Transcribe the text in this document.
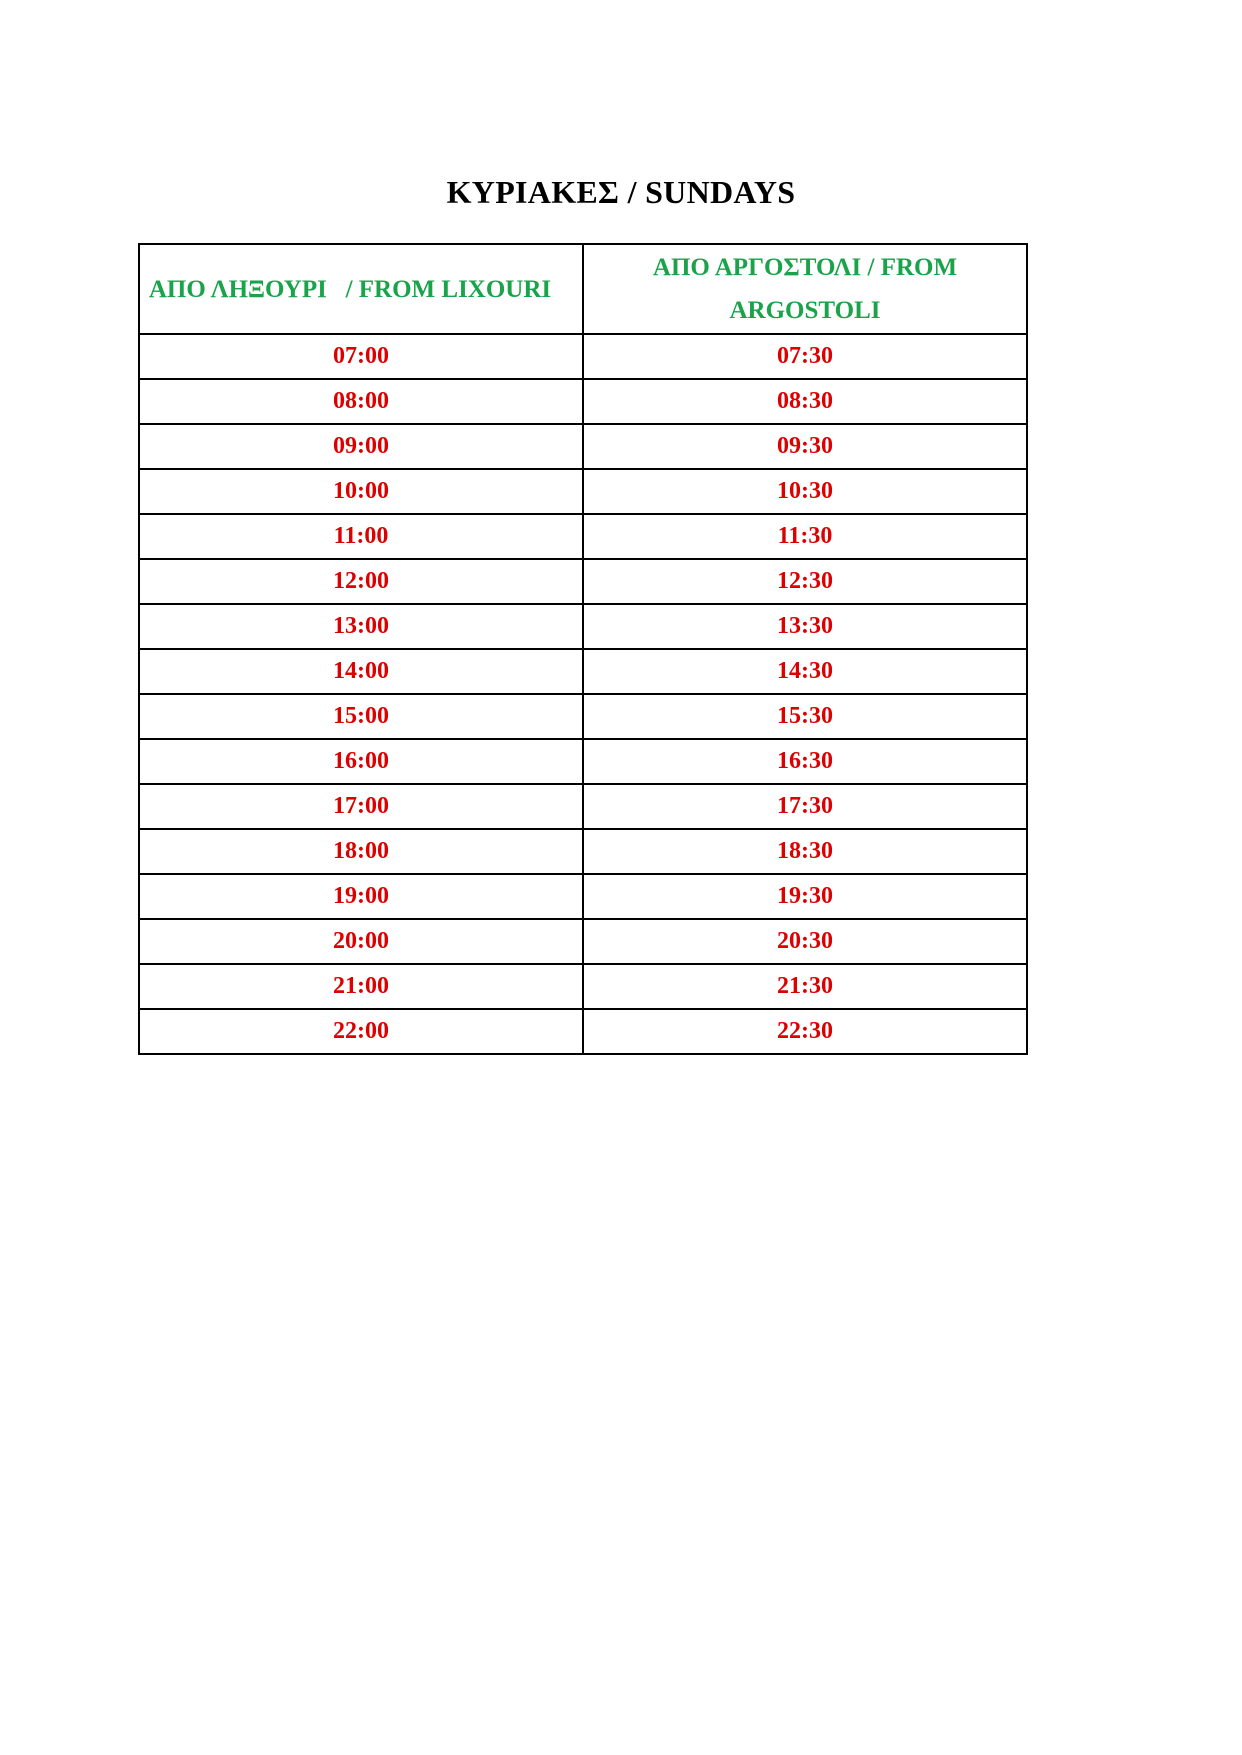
ΚΥΡΙΑΚΕΣ / SUNDAYS
ΑΠΟ ΛΗΞΟΥΡΙ   / FROM LIXOURI	ΑΠΟ ΑΡΓΟΣΤΟΛΙ / FROM ARGOSTOLI
07:00	07:30
08:00	08:30
09:00	09:30
10:00	10:30
11:00	11:30
12:00	12:30
13:00	13:30
14:00	14:30
15:00	15:30
16:00	16:30
17:00	17:30
18:00	18:30
19:00	19:30
20:00	20:30
21:00	21:30
22:00	22:30
